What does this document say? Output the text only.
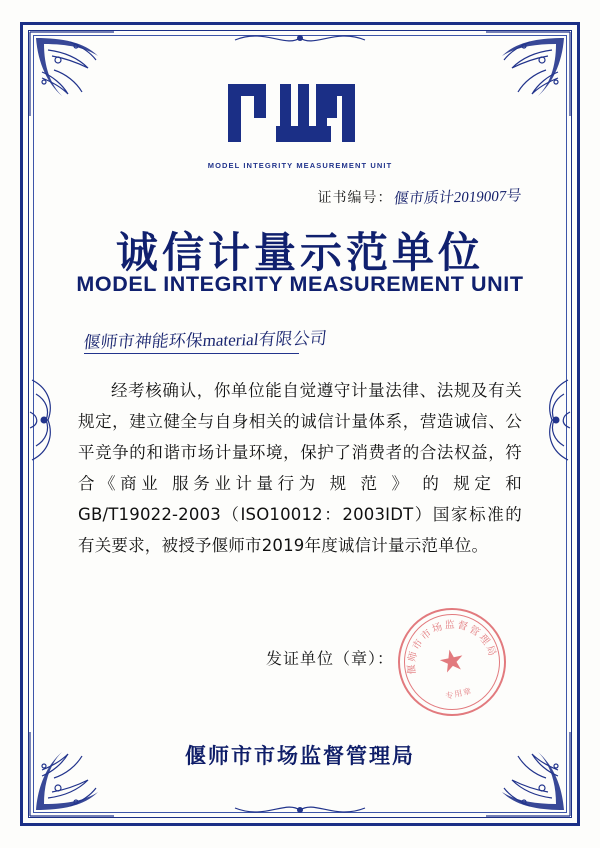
MODEL INTEGRITY MEASUREMENT UNIT
证书编号： 偃市质计2019007号
诚信计量示范单位
MODEL INTEGRITY MEASUREMENT UNIT
偃师市神能环保material有限公司

经考核确认，你单位能自觉遵守计量法律、法规及有关规定，建立健全与自身相关的诚信计量体系，营造诚信、公平竞争的和谐市场计量环境，保护了消费者的合法权益，符合《商业 服务业计量行为 规 范 》 的 规定 和 GB/T19022-2003（ISO10012：2003IDT）国家标准的有关要求，被授予偃师市2019年度诚信计量示范单位。

发证单位（章）：
偃师市市场监督管理局
★
专用章
偃师市市场监督管理局
